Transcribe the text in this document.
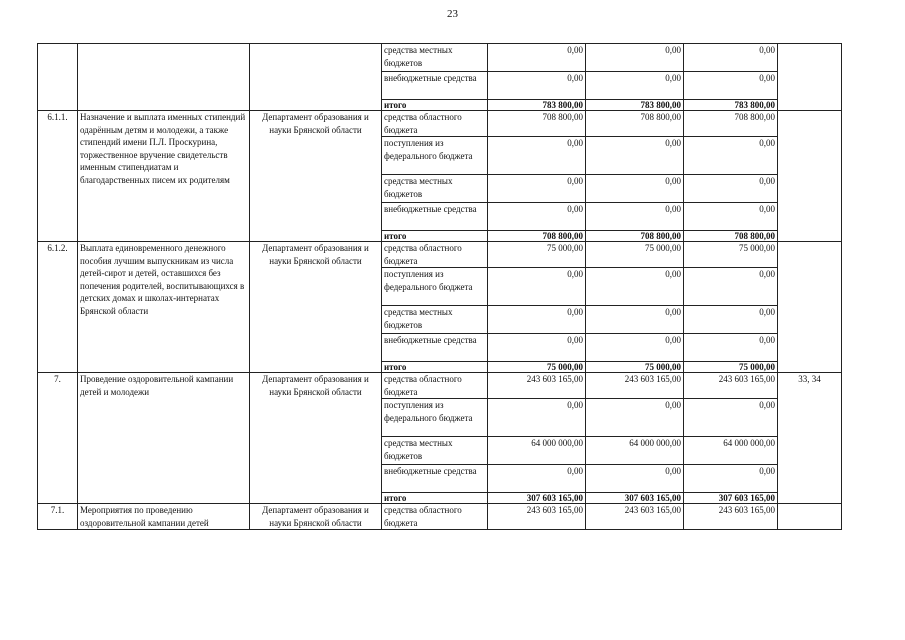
23
			средства местных бюджетов	0,00	0,00	0,00	
			внебюджетные средства	0,00	0,00	0,00	
			итого	783 800,00	783 800,00	783 800,00	
6.1.1.	Назначение и выплата именных стипендий одарённым детям и молодежи, а также стипендий имени П.Л. Проскурина, торжественное вручение свидетельств именным стипендиатам и благодарственных писем их родителям	Департамент образования и науки Брянской области	средства областного бюджета	708 800,00	708 800,00	708 800,00	
			поступления из федерального бюджета	0,00	0,00	0,00	
			средства местных бюджетов	0,00	0,00	0,00	
			внебюджетные средства	0,00	0,00	0,00	
			итого	708 800,00	708 800,00	708 800,00	
6.1.2.	Выплата единовременного денежного пособия лучшим выпускникам из числа детей-сирот и детей, оставшихся без попечения родителей, воспитывающихся в детских домах и школах-интернатах Брянской области	Департамент образования и науки Брянской области	средства областного бюджета	75 000,00	75 000,00	75 000,00	
			поступления из федерального бюджета	0,00	0,00	0,00	
			средства местных бюджетов	0,00	0,00	0,00	
			внебюджетные средства	0,00	0,00	0,00	
			итого	75 000,00	75 000,00	75 000,00	
7.	Проведение оздоровительной кампании детей и молодежи	Департамент образования и науки Брянской области	средства областного бюджета	243 603 165,00	243 603 165,00	243 603 165,00	33, 34
			поступления из федерального бюджета	0,00	0,00	0,00	
			средства местных бюджетов	64 000 000,00	64 000 000,00	64 000 000,00	
			внебюджетные средства	0,00	0,00	0,00	
			итого	307 603 165,00	307 603 165,00	307 603 165,00	
7.1.	Мероприятия по проведению оздоровительной кампании детей	Департамент образования и науки Брянской области	средства областного бюджета	243 603 165,00	243 603 165,00	243 603 165,00	
